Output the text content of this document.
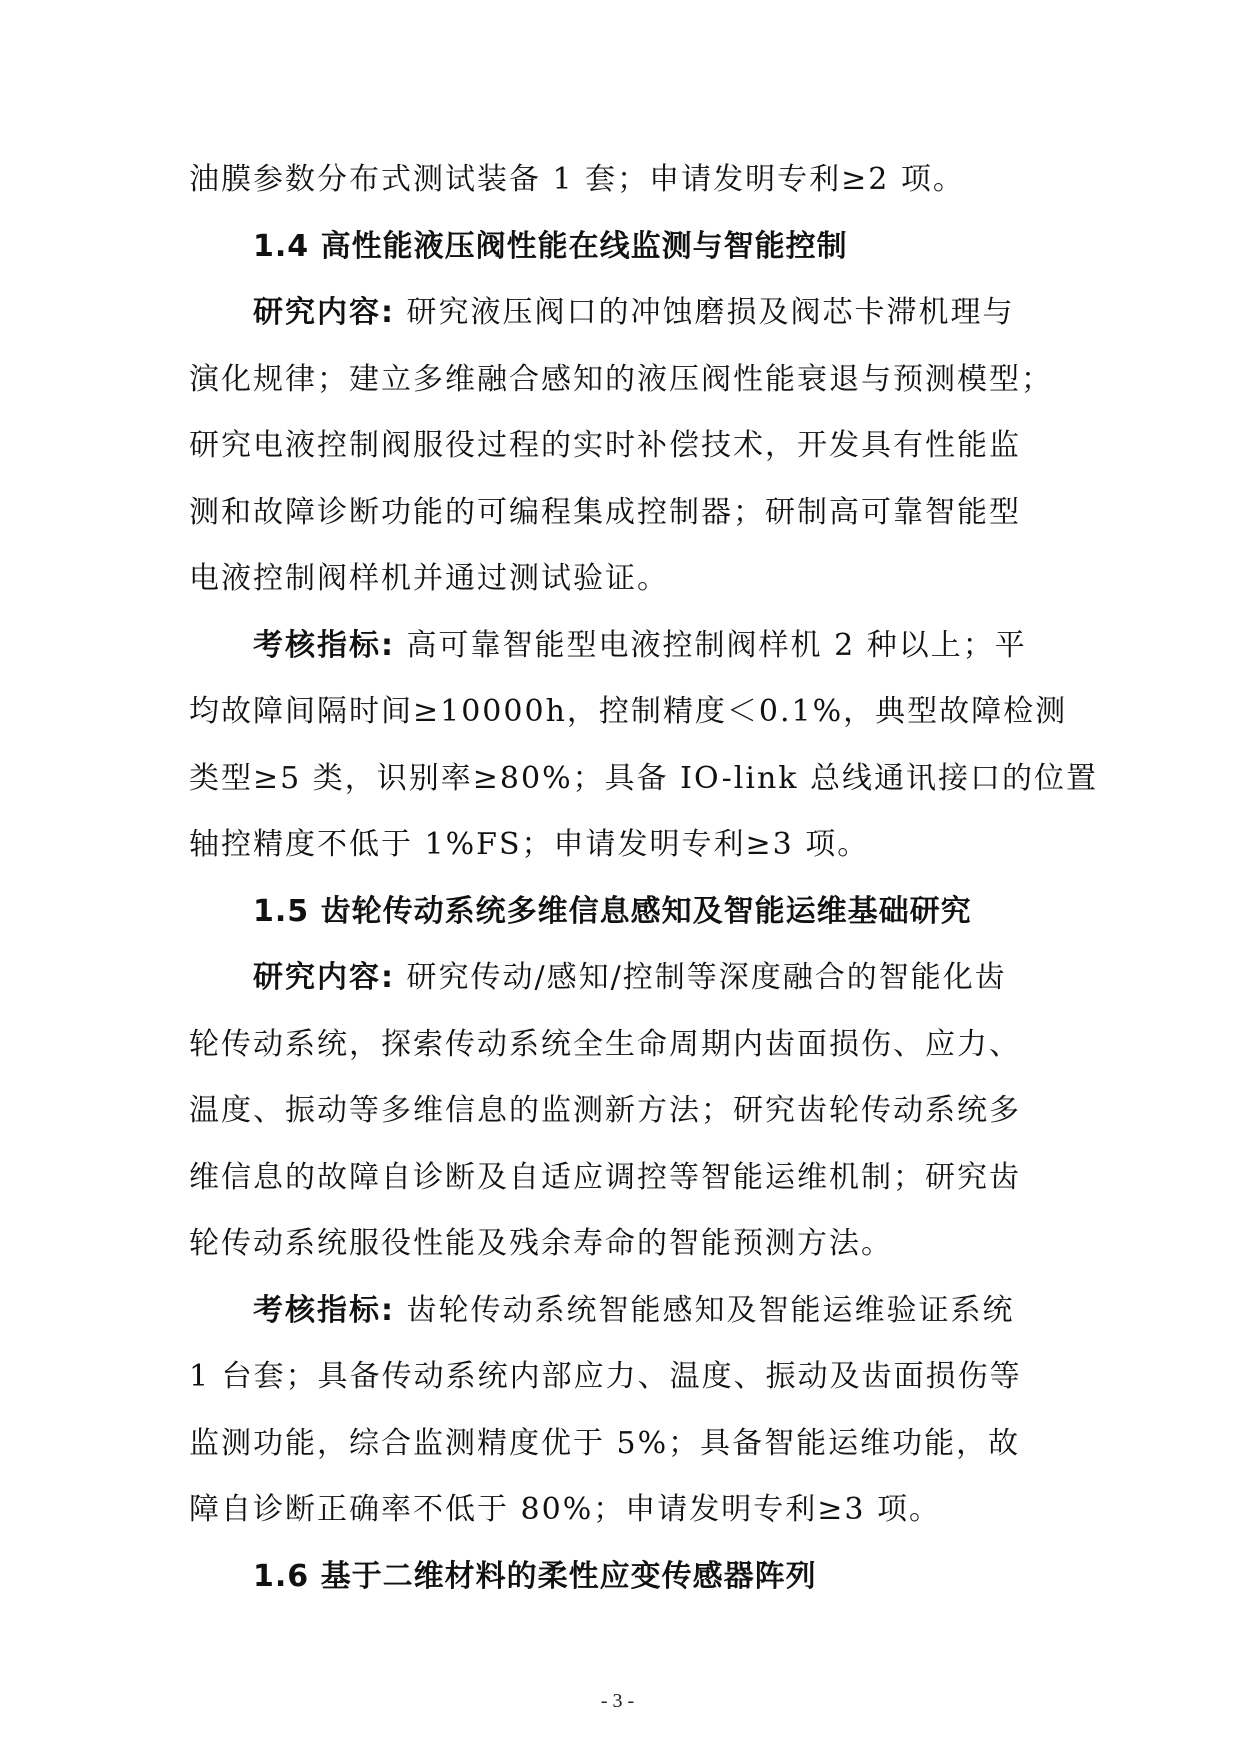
油膜参数分布式测试装备 1 套；申请发明专利≥2 项。
1.4 高性能液压阀性能在线监测与智能控制
研究内容: 研究液压阀口的冲蚀磨损及阀芯卡滞机理与
演化规律；建立多维融合感知的液压阀性能衰退与预测模型；
研究电液控制阀服役过程的实时补偿技术，开发具有性能监
测和故障诊断功能的可编程集成控制器；研制高可靠智能型
电液控制阀样机并通过测试验证。
考核指标: 高可靠智能型电液控制阀样机 2 种以上；平
均故障间隔时间≥10000h，控制精度＜0.1%，典型故障检测
类型≥5 类，识别率≥80%；具备 IO-link 总线通讯接口的位置
轴控精度不低于 1%FS；申请发明专利≥3 项。
1.5 齿轮传动系统多维信息感知及智能运维基础研究
研究内容: 研究传动/感知/控制等深度融合的智能化齿
轮传动系统，探索传动系统全生命周期内齿面损伤、应力、
温度、振动等多维信息的监测新方法；研究齿轮传动系统多
维信息的故障自诊断及自适应调控等智能运维机制；研究齿
轮传动系统服役性能及残余寿命的智能预测方法。
考核指标: 齿轮传动系统智能感知及智能运维验证系统
1 台套；具备传动系统内部应力、温度、振动及齿面损伤等
监测功能，综合监测精度优于 5%；具备智能运维功能，故
障自诊断正确率不低于 80%；申请发明专利≥3 项。
1.6 基于二维材料的柔性应变传感器阵列
- 3 -
